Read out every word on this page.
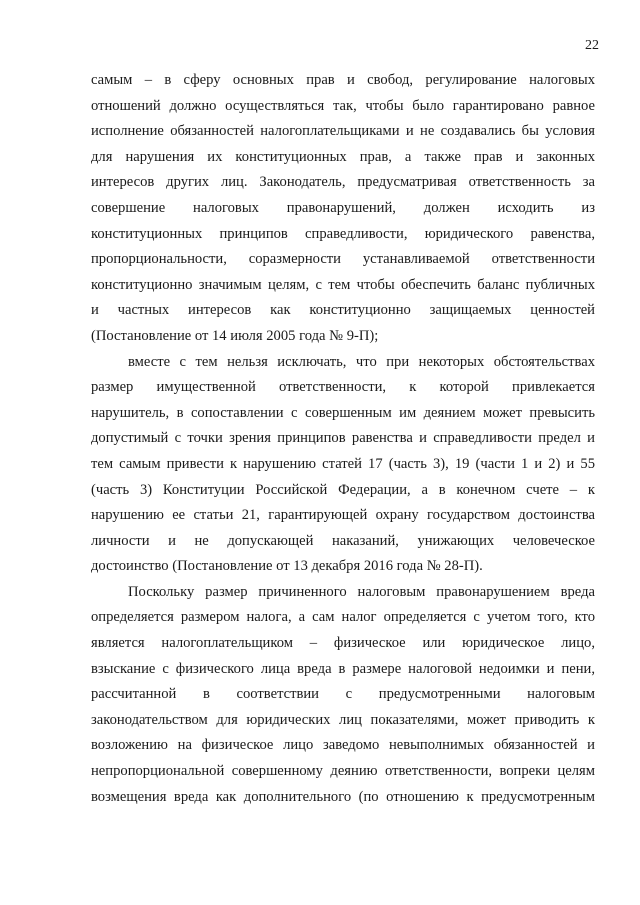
22
самым – в сферу основных прав и свобод, регулирование налоговых
отношений должно осуществляться так, чтобы было гарантировано равное
исполнение обязанностей налогоплательщиками и не создавались бы условия
для нарушения их конституционных прав, а также прав и законных
интересов других лиц. Законодатель, предусматривая ответственность за
совершение налоговых правонарушений, должен исходить из
конституционных принципов справедливости, юридического равенства,
пропорциональности, соразмерности устанавливаемой ответственности
конституционно значимым целям, с тем чтобы обеспечить баланс публичных
и частных интересов как конституционно защищаемых ценностей
(Постановление от 14 июля 2005 года № 9-П);
вместе с тем нельзя исключать, что при некоторых обстоятельствах
размер имущественной ответственности, к которой привлекается
нарушитель, в сопоставлении с совершенным им деянием может превысить
допустимый с точки зрения принципов равенства и справедливости предел и
тем самым привести к нарушению статей 17 (часть 3), 19 (части 1 и 2) и 55
(часть 3) Конституции Российской Федерации, а в конечном счете – к
нарушению ее статьи 21, гарантирующей охрану государством достоинства
личности и не допускающей наказаний, унижающих человеческое
достоинство (Постановление от 13 декабря 2016 года № 28-П).
Поскольку размер причиненного налоговым правонарушением вреда
определяется размером налога, а сам налог определяется с учетом того, кто
является налогоплательщиком – физическое или юридическое лицо,
взыскание с физического лица вреда в размере налоговой недоимки и пени,
рассчитанной в соответствии с предусмотренными налоговым
законодательством для юридических лиц показателями, может приводить к
возложению на физическое лицо заведомо невыполнимых обязанностей и
непропорциональной совершенному деянию ответственности, вопреки целям
возмещения вреда как дополнительного (по отношению к предусмотренным
